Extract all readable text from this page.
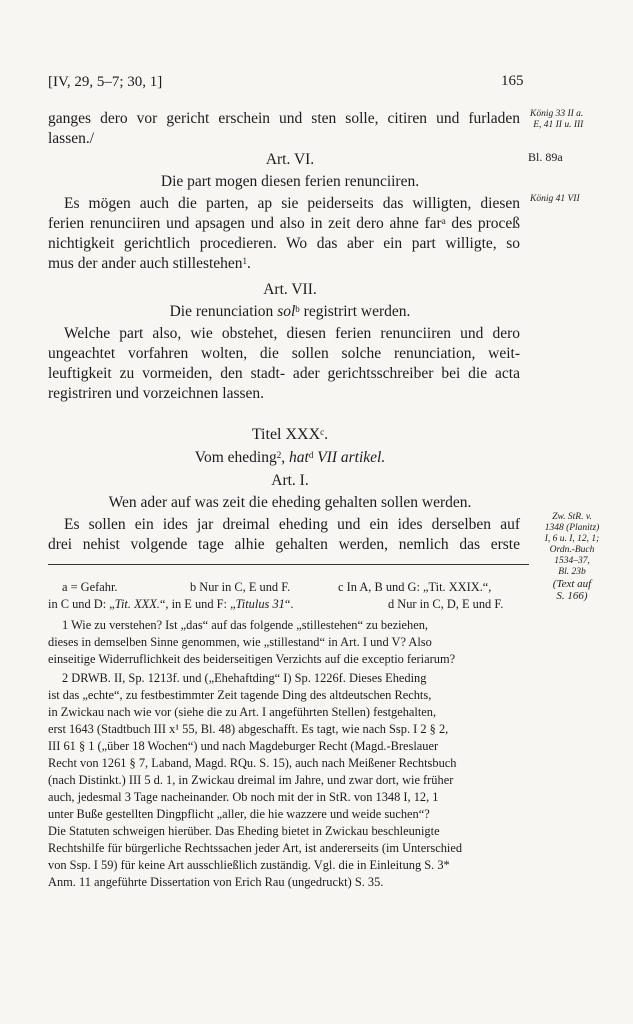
[IV, 29, 5–7; 30, 1]	165
König 33 II a.
E, 41 II u. III
Bl. 89a
König 41 VII
Zw. StR. v.
1348 (Planitz)
I, 6 u. I, 12, 1;
Ordn.-Buch
1534–37,
Bl. 23b
(Text auf
S. 166)
ganges dero vor gericht erschein und sten solle, citiren und furladen
lassen./
Art. VI.
Die part mogen diesen ferien renunciiren.
Es mögen auch die parten, ap sie peiderseits das willigten, diesen
ferien renunciiren und apsagen und also in zeit dero ahne far$^a$ des proceß
nichtigkeit gerichtlich procedieren. Wo das aber ein part willigte, so
mus der ander auch stillestehen$^1$.
Art. VII.
Die renunciation sol$^b$ registrirt werden.
Welche part also, wie obstehet, diesen ferien renunciiren und dero
ungeachtet vorfahren wolten, die sollen solche renunciation, weit-
leuftigkeit zu vormeiden, den stadt- ader gerichtsschreiber bei die acta
registriren und vorzeichnen lassen.
Titel XXX$^c$.
Vom eheding$^2$, hat$^d$ VII artikel.
Art. I.
Wen ader auf was zeit die eheding gehalten sollen werden.
Es sollen ein ides jar dreimal eheding und ein ides derselben auf
drei nehist volgende tage alhie gehalten werden, nemlich das erste
a = Gefahr.	b Nur in C, E und F.	c In A, B und G: „Tit. XXIX.“,
in C und D: „Tit. XXX.“, in E und F: „Titulus 31“.	d Nur in C, D, E und F.
1 Wie zu verstehen? Ist „das“ auf das folgende „stillestehen“ zu beziehen,
dieses in demselben Sinne genommen, wie „stillestand“ in Art. I und V? Also
einseitige Widerruflichkeit des beiderseitigen Verzichts auf die exceptio feriarum?
2 DRWB. II, Sp. 1213f. und („Ehehaftding“ I) Sp. 1226f. Dieses Eheding
ist das „echte“, zu festbestimmter Zeit tagende Ding des altdeutschen Rechts,
in Zwickau nach wie vor (siehe die zu Art. I angeführten Stellen) festgehalten,
erst 1643 (Stadtbuch III x¹ 55, Bl. 48) abgeschafft. Es tagt, wie nach Ssp. I 2 § 2,
III 61 § 1 („über 18 Wochen“) und nach Magdeburger Recht (Magd.-Breslauer
Recht von 1261 § 7, Laband, Magd. RQu. S. 15), auch nach Meißener Rechtsbuch
(nach Distinkt.) III 5 d. 1, in Zwickau dreimal im Jahre, und zwar dort, wie früher
auch, jedesmal 3 Tage nacheinander. Ob noch mit der in StR. von 1348 I, 12, 1
unter Buße gestellten Dingpflicht „aller, die hie wazzere und weide suchen“?
Die Statuten schweigen hierüber. Das Eheding bietet in Zwickau beschleunigte
Rechtshilfe für bürgerliche Rechtssachen jeder Art, ist andererseits (im Unterschied
von Ssp. I 59) für keine Art ausschließlich zuständig. Vgl. die in Einleitung S. 3*
Anm. 11 angeführte Dissertation von Erich Rau (ungedruckt) S. 35.
